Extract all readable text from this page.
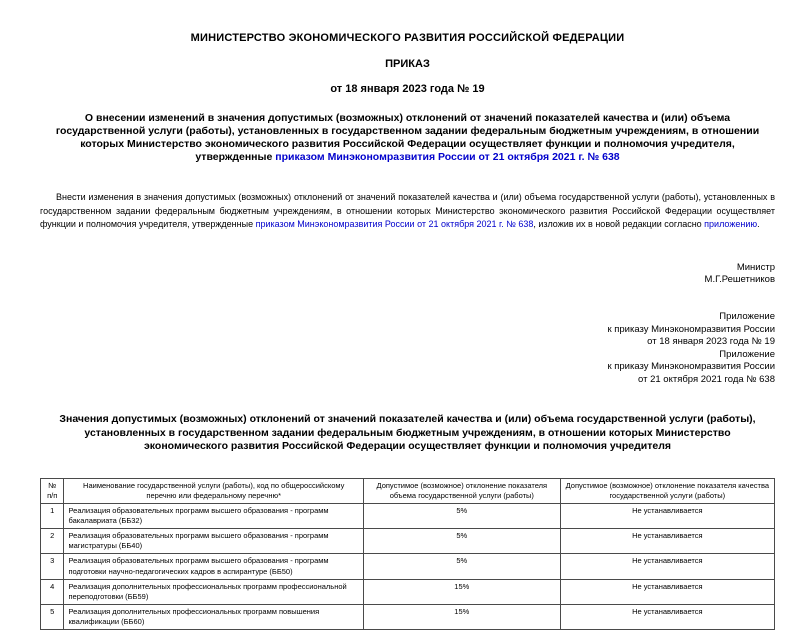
МИНИСТЕРСТВО ЭКОНОМИЧЕСКОГО РАЗВИТИЯ РОССИЙСКОЙ ФЕДЕРАЦИИ
ПРИКАЗ
от 18 января 2023 года № 19
О внесении изменений в значения допустимых (возможных) отклонений от значений показателей качества и (или) объема государственной услуги (работы), установленных в государственном задании федеральным бюджетным учреждениям, в отношении которых Министерство экономического развития Российской Федерации осуществляет функции и полномочия учредителя, утвержденные приказом Минэкономразвития России от 21 октября 2021 г. № 638
Внести изменения в значения допустимых (возможных) отклонений от значений показателей качества и (или) объема государственной услуги (работы), установленных в государственном задании федеральным бюджетным учреждениям, в отношении которых Министерство экономического развития Российской Федерации осуществляет функции и полномочия учредителя, утвержденные приказом Минэкономразвития России от 21 октября 2021 г. № 638, изложив их в новой редакции согласно приложению.
Министр
М.Г.Решетников
Приложение
к приказу Минэкономразвития России
от 18 января 2023 года № 19
Приложение
к приказу Минэкономразвития России
от 21 октября 2021 года № 638
Значения допустимых (возможных) отклонений от значений показателей качества и (или) объема государственной услуги (работы), установленных в государственном задании федеральным бюджетным учреждениям, в отношении которых Министерство экономического развития Российской Федерации осуществляет функции и полномочия учредителя
№ п/п	Наименование государственной услуги (работы), код по общероссийскому перечню или федеральному перечню*	Допустимое (возможное) отклонение показателя объема государственной услуги (работы)	Допустимое (возможное) отклонение показателя качества государственной услуги (работы)
1	Реализация образовательных программ высшего образования - программ бакалавриата (ББ32)	5%	Не устанавливается
2	Реализация образовательных программ высшего образования - программ магистратуры (ББ40)	5%	Не устанавливается
3	Реализация образовательных программ высшего образования - программ подготовки научно-педагогических кадров в аспирантуре (ББ50)	5%	Не устанавливается
4	Реализация дополнительных профессиональных программ профессиональной переподготовки (ББ59)	15%	Не устанавливается
5	Реализация дополнительных профессиональных программ повышения квалификации (ББ60)	15%	Не устанавливается
